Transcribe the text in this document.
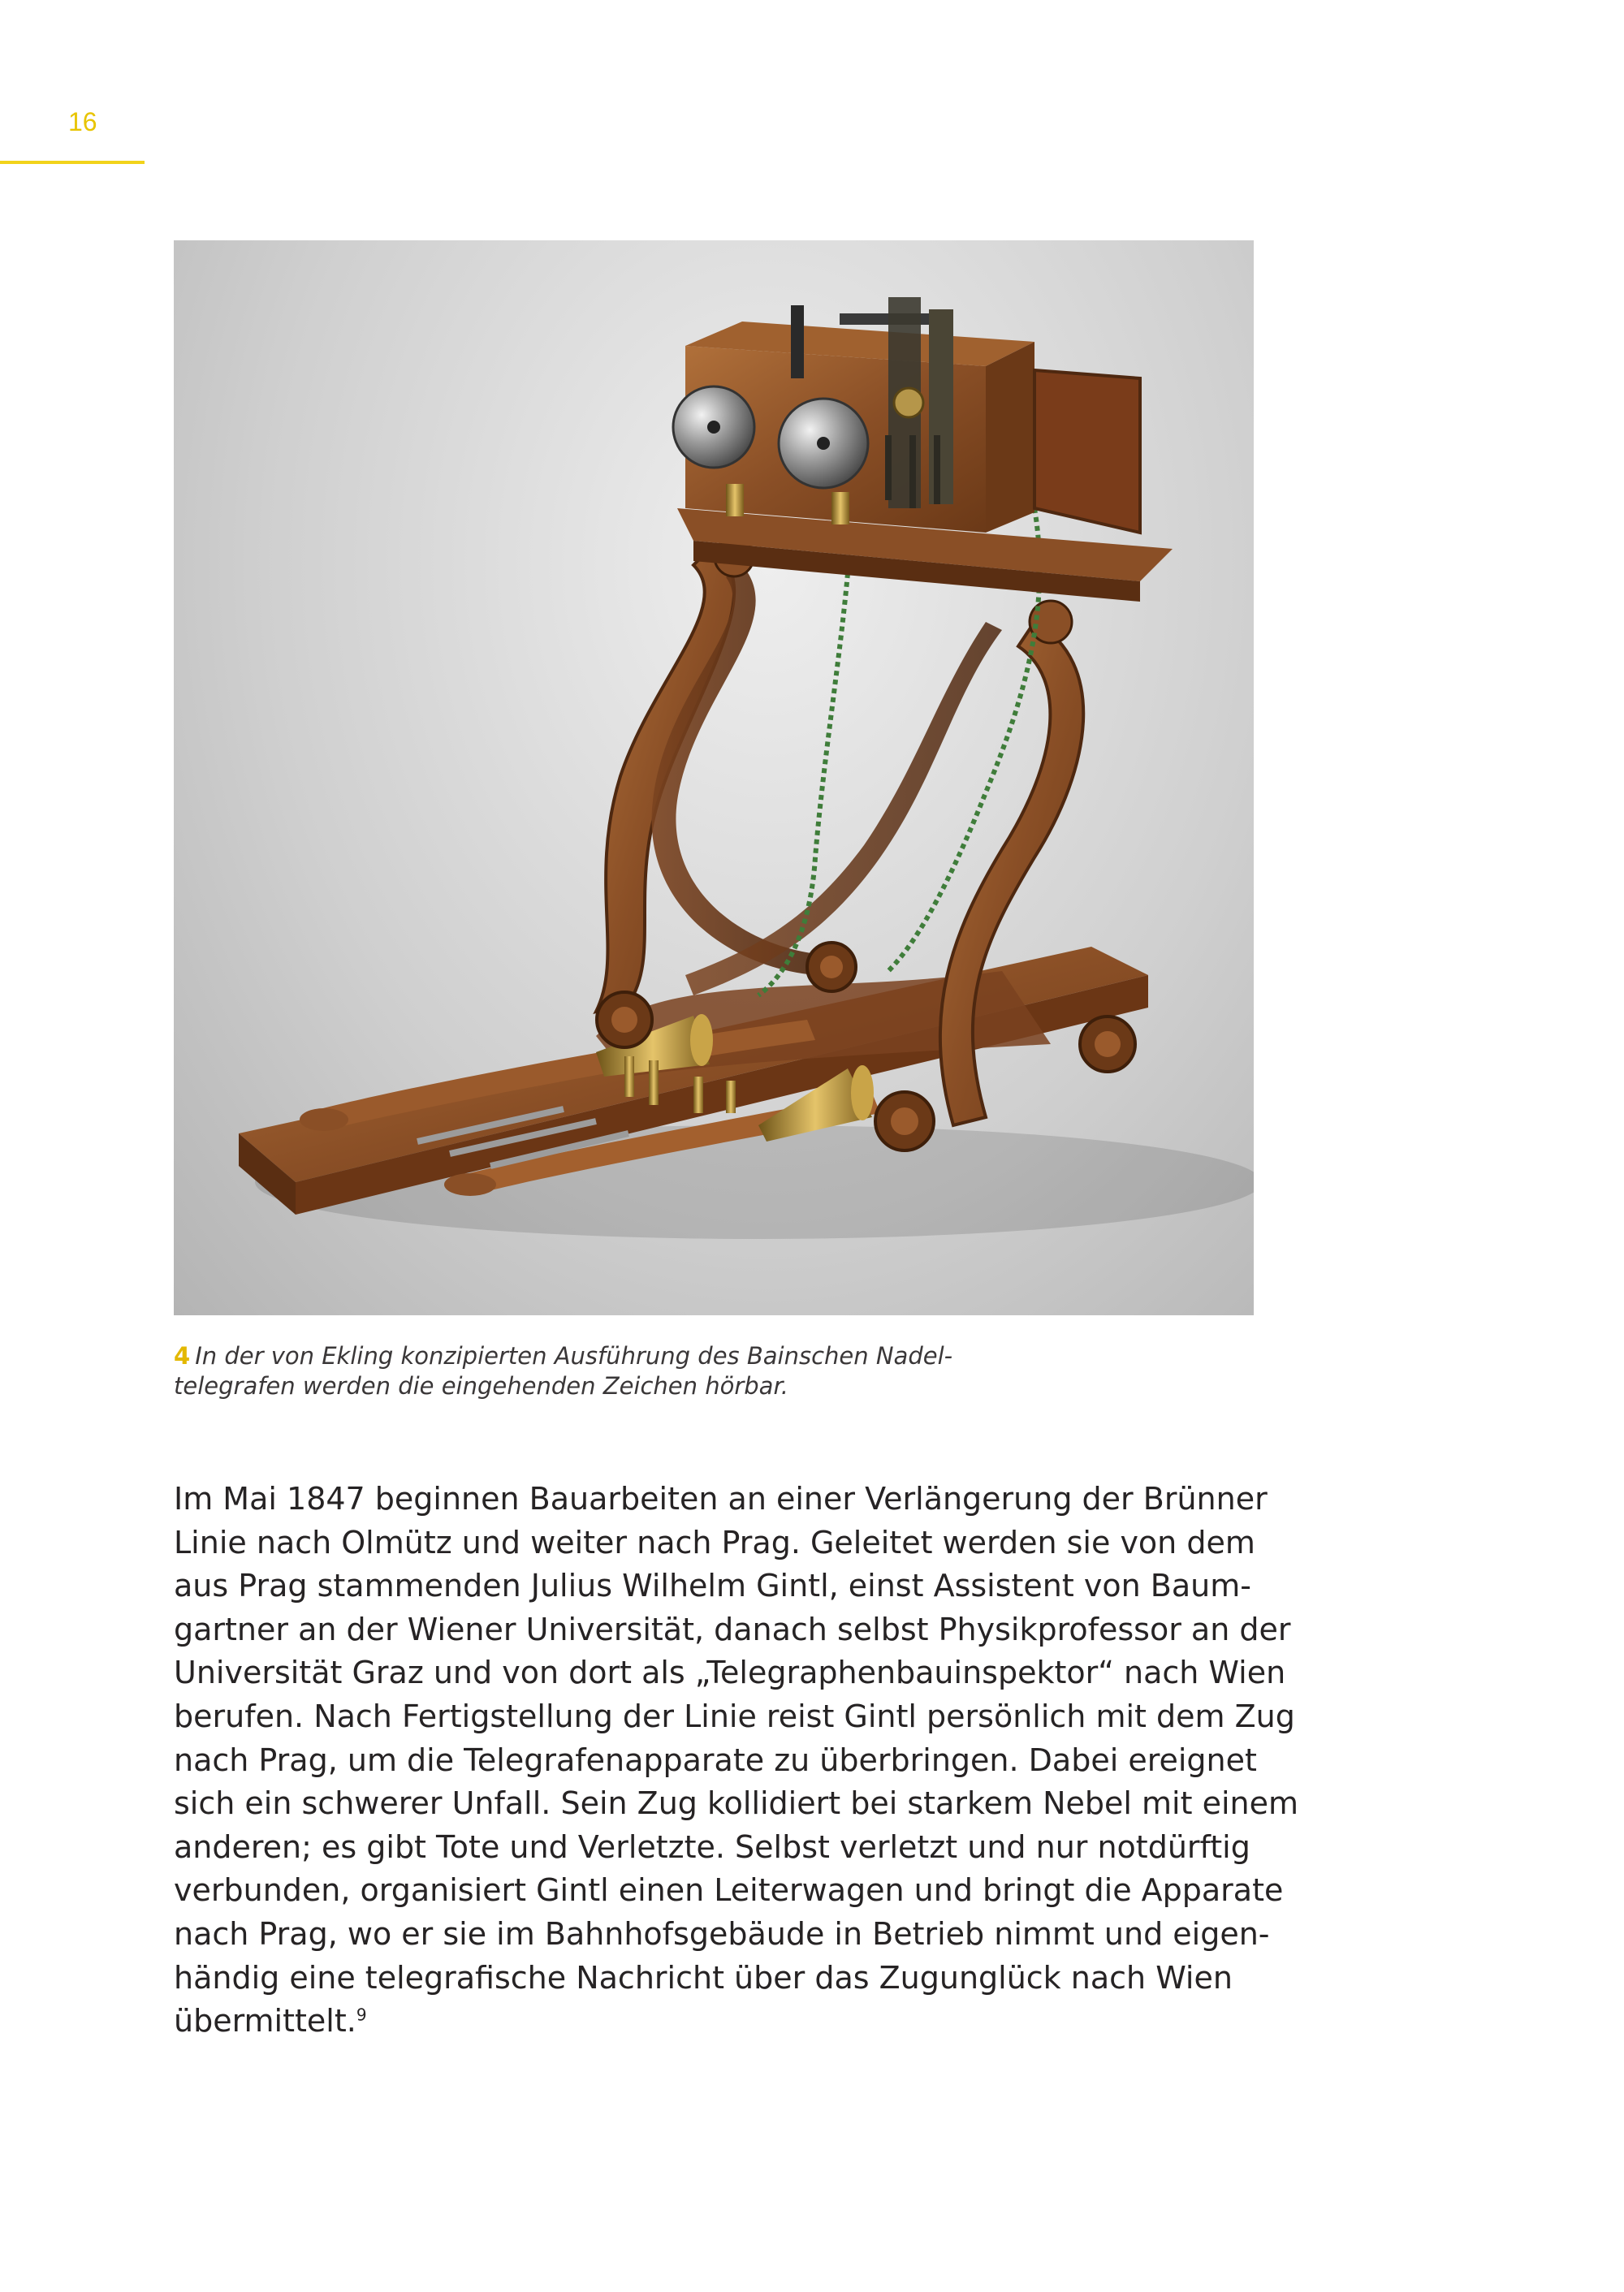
16
4 In der von Ekling konzipierten Ausführung des Bainschen Nadel-
telegrafen werden die eingehenden Zeichen hörbar.
Im Mai 1847 beginnen Bauarbeiten an einer Verlängerung der Brünner
Linie nach Olmütz und weiter nach Prag. Geleitet werden sie von dem
aus Prag stammenden Julius Wilhelm Gintl, einst Assistent von Baum-
gartner an der Wiener Universität, danach selbst Physikprofessor an der
Universität Graz und von dort als „Telegraphenbauinspektor“ nach Wien
berufen. Nach Fertigstellung der Linie reist Gintl persönlich mit dem Zug
nach Prag, um die Telegrafenapparate zu überbringen. Dabei ereignet
sich ein schwerer Unfall. Sein Zug kollidiert bei starkem Nebel mit einem
anderen; es gibt Tote und Verletzte. Selbst verletzt und nur notdürftig
verbunden, organisiert Gintl einen Leiterwagen und bringt die Apparate
nach Prag, wo er sie im Bahnhofsgebäude in Betrieb nimmt und eigen-
händig eine telegrafische Nachricht über das Zugunglück nach Wien
übermittelt.$^9$
